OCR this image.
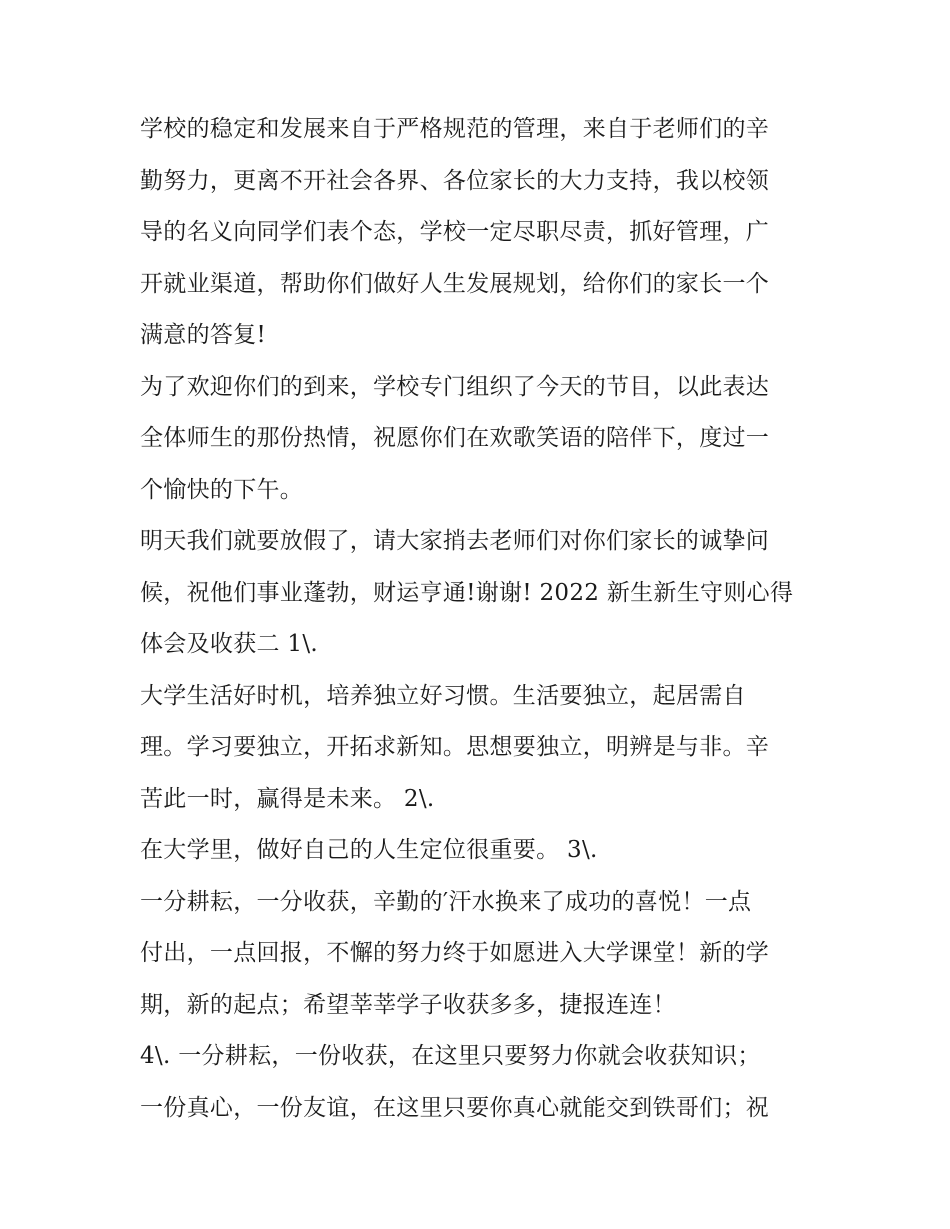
学校的稳定和发展来自于严格规范的管理，来自于老师们的辛
勤努力，更离不开社会各界、各位家长的大力支持，我以校领
导的名义向同学们表个态，学校一定尽职尽责，抓好管理，广
开就业渠道，帮助你们做好人生发展规划，给你们的家长一个
满意的答复!
为了欢迎你们的到来，学校专门组织了今天的节目，以此表达
全体师生的那份热情，祝愿你们在欢歌笑语的陪伴下，度过一
个愉快的下午。
明天我们就要放假了，请大家捎去老师们对你们家长的诚挚问
候，祝他们事业蓬勃，财运亨通!谢谢! 2022 新生新生守则心得
体会及收获二 1\.
大学生活好时机，培养独立好习惯。生活要独立，起居需自
理。学习要独立，开拓求新知。思想要独立，明辨是与非。辛
苦此一时，赢得是未来。 2\.
在大学里，做好自己的人生定位很重要。 3\.
一分耕耘，一分收获，辛勤的′汗水换来了成功的喜悦！一点
付出，一点回报，不懈的努力终于如愿进入大学课堂！新的学
期，新的起点；希望莘莘学子收获多多，捷报连连！
4\. 一分耕耘，一份收获，在这里只要努力你就会收获知识；
一份真心，一份友谊，在这里只要你真心就能交到铁哥们；祝
